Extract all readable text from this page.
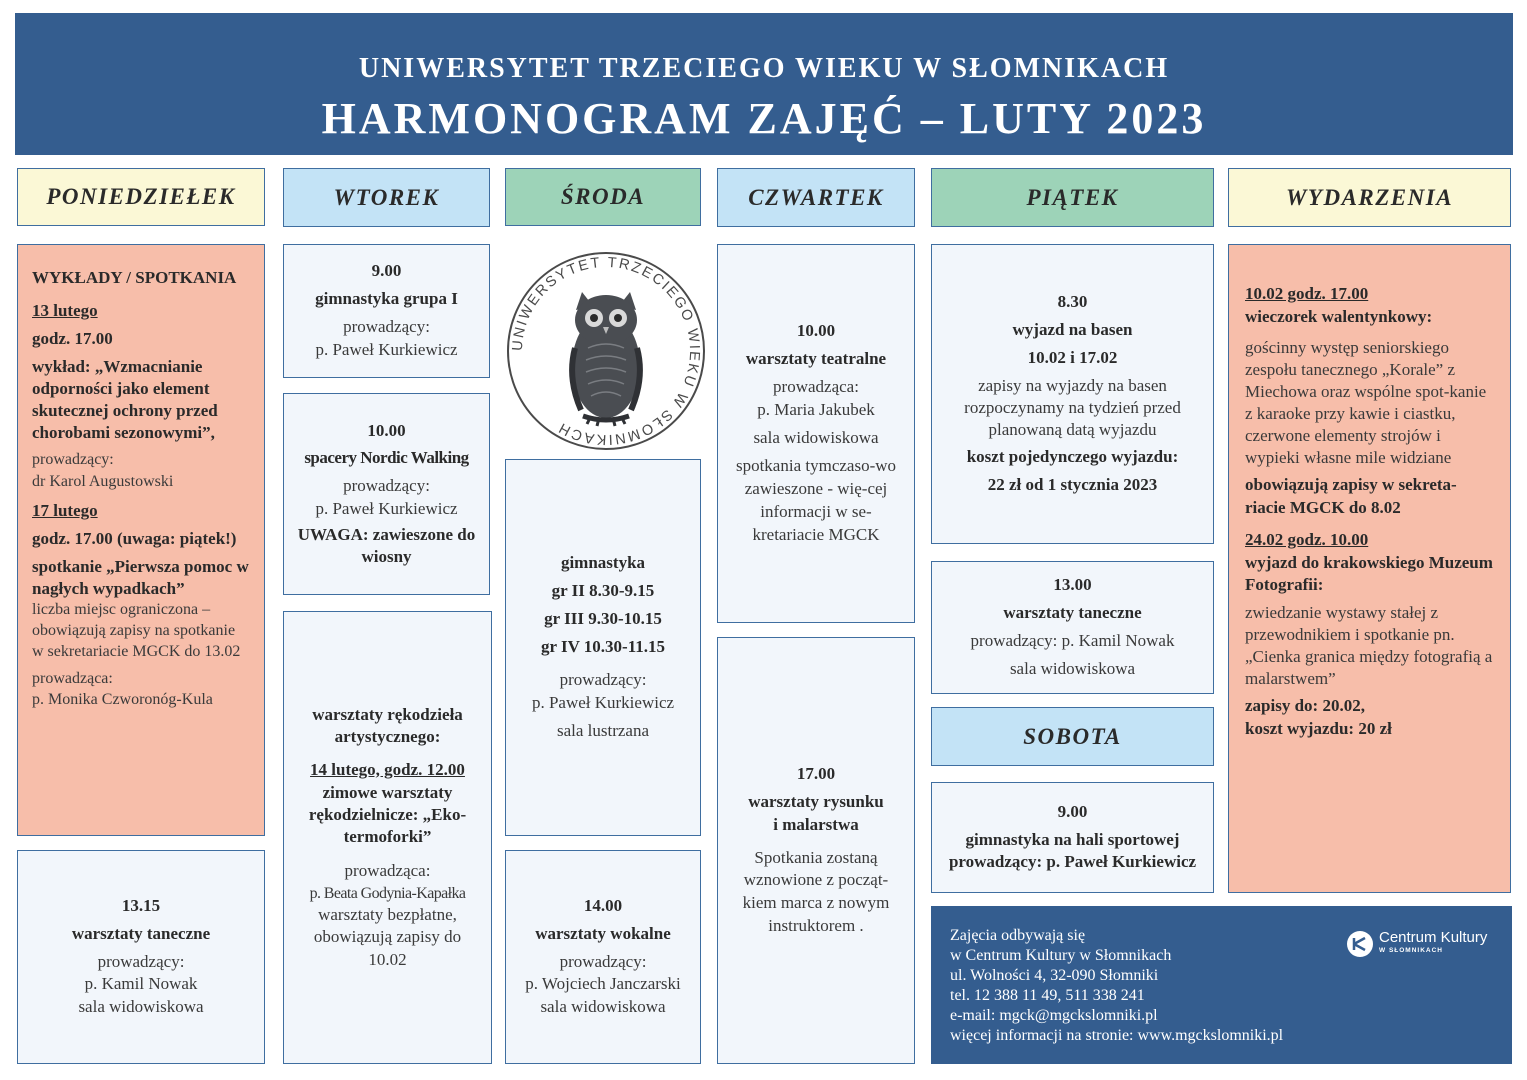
UNIWERSYTET TRZECIEGO WIEKU W SŁOMNIKACH
HARMONOGRAM ZAJĘĆ – LUTY 2023
PONIEDZIEŁEK	WTOREK	ŚRODA	CZWARTEK	PIĄTEK	WYDARZENIA
WYKŁADY / SPOTKANIA
13 lutego
godz. 17.00
wykład: „Wzmacnianie odporności jako element skutecznej ochrony przed chorobami sezonowymi”,
prowadzący:
dr Karol Augustowski
17 lutego
godz. 17.00 (uwaga: piątek!)
spotkanie „Pierwsza pomoc w nagłych wypadkach”
liczba miejsc ograniczona – obowiązują zapisy na spotkanie w sekretariacie MGCK do 13.02
prowadząca:
p. Monika Czworonóg-Kula
13.15
warsztaty taneczne
prowadzący:
p. Kamil Nowak
sala widowiskowa
9.00
gimnastyka grupa I
prowadzący:
p. Paweł Kurkiewicz
10.00
spacery Nordic Walking
prowadzący:
p. Paweł Kurkiewicz
UWAGA: zawieszone do wiosny
warsztaty rękodzieła artystycznego:
14 lutego, godz. 12.00
zimowe warsztaty rękodzielnicze: „Eko-termoforki”
prowadząca:
p. Beata Godynia-Kapałka
warsztaty bezpłatne, obowiązują zapisy do 10.02
UNIWERSYTET TRZECIEGO WIEKU W SŁOMNIKACH
gimnastyka
gr II 8.30-9.15
gr III 9.30-10.15
gr IV 10.30-11.15
prowadzący:
p. Paweł Kurkiewicz
sala lustrzana
14.00
warsztaty wokalne
prowadzący:
p. Wojciech Janczarski
sala widowiskowa
10.00
warsztaty teatralne
prowadząca:
p. Maria Jakubek
sala widowiskowa
spotkania tymczaso-wo zawieszone - wię-cej informacji w se-kretariacie MGCK
17.00
warsztaty rysunku i malarstwa
Spotkania zostaną wznowione z począt-kiem marca z nowym instruktorem .
8.30
wyjazd na basen
10.02 i 17.02
zapisy na wyjazdy na basen rozpoczynamy na tydzień przed planowaną datą wyjazdu
koszt pojedynczego wyjazdu:
22 zł od 1 stycznia 2023
13.00
warsztaty taneczne
prowadzący: p. Kamil Nowak
sala widowiskowa
SOBOTA
9.00
gimnastyka na hali sportowej
prowadzący: p. Paweł Kurkiewicz
10.02 godz. 17.00
wieczorek walentynkowy:
gościnny występ seniorskiego zespołu tanecznego „Korale” z Miechowa oraz wspólne spot-kanie z karaoke przy kawie i ciastku, czerwone elementy strojów i wypieki własne mile widziane
obowiązują zapisy w sekreta-riacie MGCK do 8.02
24.02 godz. 10.00
wyjazd do krakowskiego Muzeum Fotografii:
zwiedzanie wystawy stałej z przewodnikiem i spotkanie pn. „Cienka granica między fotografią a malarstwem”
zapisy do: 20.02,
koszt wyjazdu: 20 zł
Zajęcia odbywają się
w Centrum Kultury w Słomnikach
ul. Wolności 4, 32-090 Słomniki
tel. 12 388 11 49, 511 338 241
e-mail: mgck@mgckslomniki.pl
więcej informacji na stronie: www.mgckslomniki.pl
Centrum Kultury
W SŁOMNIKACH
